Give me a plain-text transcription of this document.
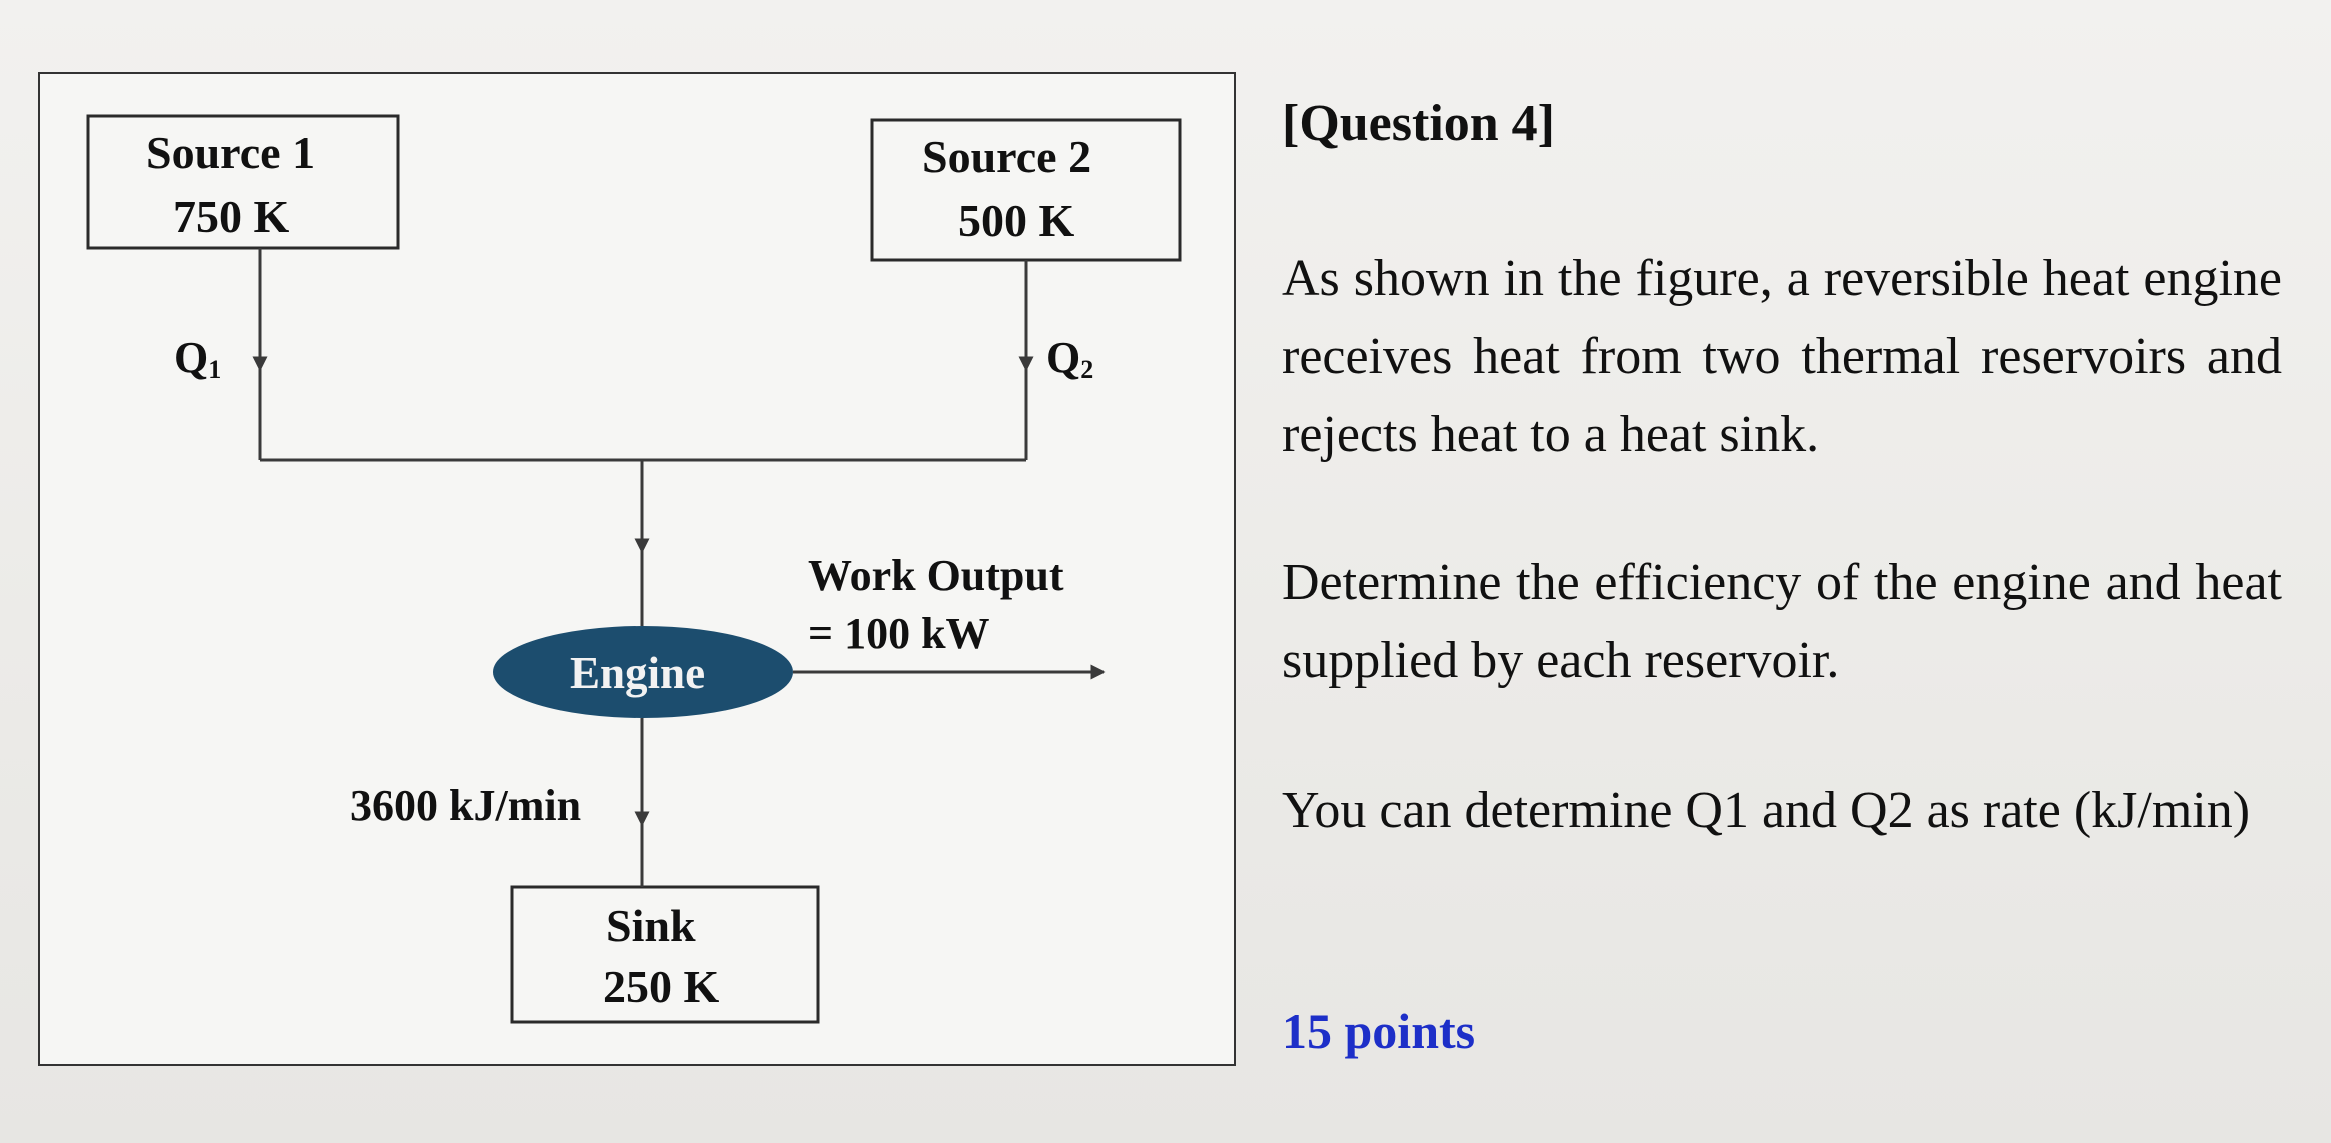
Source 1
750 K
Source 2
500 K
$Q_1$	$Q_2$
Work Output
= 100 kW
Engine
3600 kJ/min
Sink
250 K
[Question 4]

As shown in the figure, a reversible heat engine receives heat from two thermal reservoirs and rejects heat to a heat sink.

Determine the efficiency of the engine and heat supplied by each reservoir.

You can determine Q1 and Q2 as rate (kJ/min)

15 points
